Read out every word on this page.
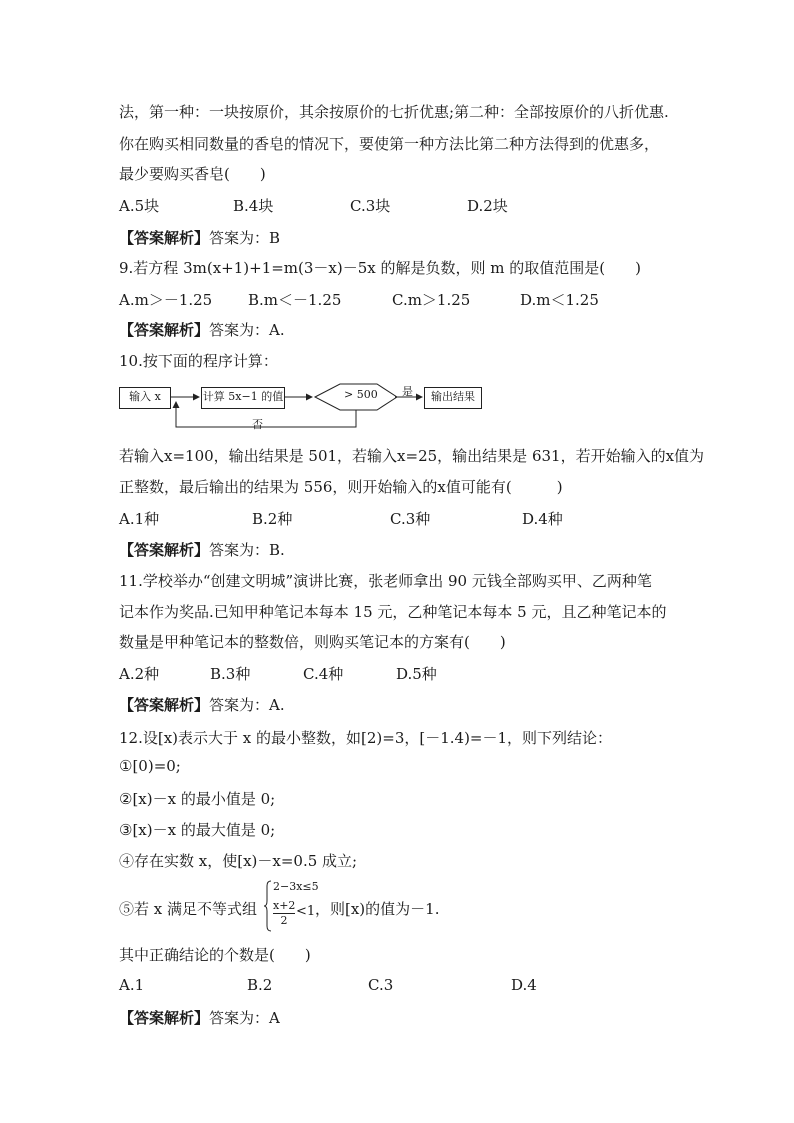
法，第一种：一块按原价，其余按原价的七折优惠;第二种：全部按原价的八折优惠.
你在购买相同数量的香皂的情况下，要使第一种方法比第二种方法得到的优惠多，
最少要购买香皂(　　)
A.5块	B.4块	C.3块	D.2块
【答案解析】答案为：B
9.若方程 3m(x+1)+1=m(3－x)－5x 的解是负数，则 m 的取值范围是(　　)
A.m＞－1.25 B.m＜－1.25	C.m＞1.25	D.m＜1.25
【答案解析】答案为：A.
10.按下面的程序计算：
输入 x	计算 5x−1 的值	> 500 是	输出结果
否
若输入x=100，输出结果是 501，若输入x=25，输出结果是 631，若开始输入的x值为
正整数，最后输出的结果为 556，则开始输入的x值可能有(　　　)
A.1种	B.2种	C.3种	D.4种
【答案解析】答案为：B.
11.学校举办“创建文明城”演讲比赛，张老师拿出 90 元钱全部购买甲、乙两种笔
记本作为奖品.已知甲种笔记本每本 15 元，乙种笔记本每本 5 元，且乙种笔记本的
数量是甲种笔记本的整数倍，则购买笔记本的方案有(　　)
A.2种	B.3种	C.4种	D.5种
【答案解析】答案为：A.
12.设[x)表示大于 x 的最小整数，如[2)=3，[－1.4)=－1，则下列结论：
①[0)=0;
②[x)－x 的最小值是 0;
③[x)－x 的最大值是 0;
④存在实数 x，使[x)－x=0.5 成立;
⑤若 x 满足不等式组
2−3x≤5
$\frac{x+2}{2} <1$ ，则[x)的值为－1.
其中正确结论的个数是(　　)
A.1	B.2	C.3	D.4
【答案解析】答案为：A
